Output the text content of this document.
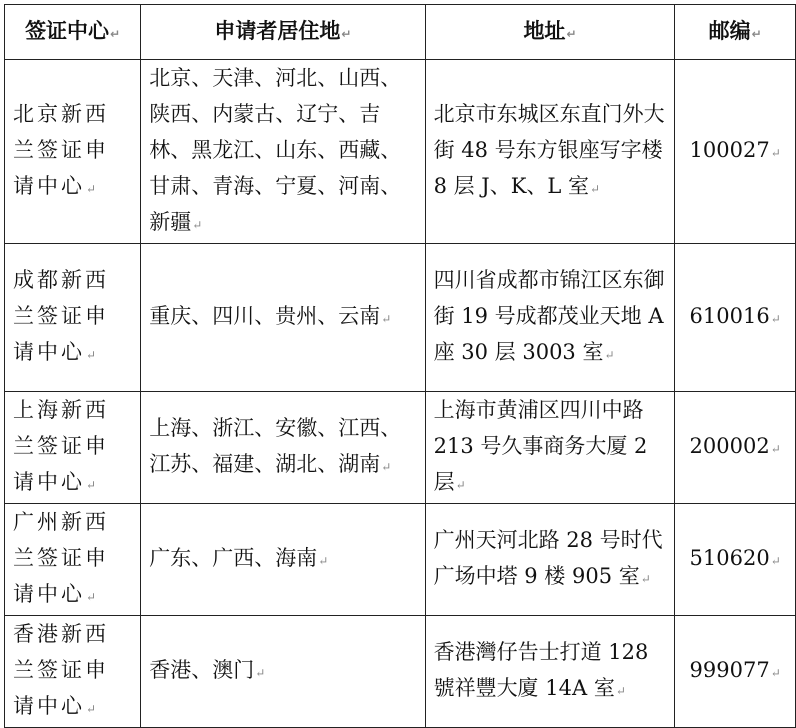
签证中心↵	申请者居住地↵	地址↵	邮编↵
北京新西兰签证申请中心↵	北京、天津、河北、山西、陕西、内蒙古、辽宁、吉林、黑龙江、山东、西藏、甘肃、青海、宁夏、河南、新疆↵	北京市东城区东直门外大街 48 号东方银座写字楼 8 层 J、K、L 室↵	100027↵
成都新西兰签证申请中心↵	重庆、四川、贵州、云南↵	四川省成都市锦江区东御街 19 号成都茂业天地 A 座 30 层 3003 室↵	610016↵
上海新西兰签证申请中心↵	上海、浙江、安徽、江西、江苏、福建、湖北、湖南↵	上海市黄浦区四川中路 213 号久事商务大厦 2 层↵	200002↵
广州新西兰签证申请中心↵	广东、广西、海南↵	广州天河北路 28 号时代广场中塔 9 楼 905 室↵	510620↵
香港新西兰签证申请中心↵	香港、澳门↵	香港灣仔告士打道 128 號祥豐大廈 14A 室↵	999077↵
